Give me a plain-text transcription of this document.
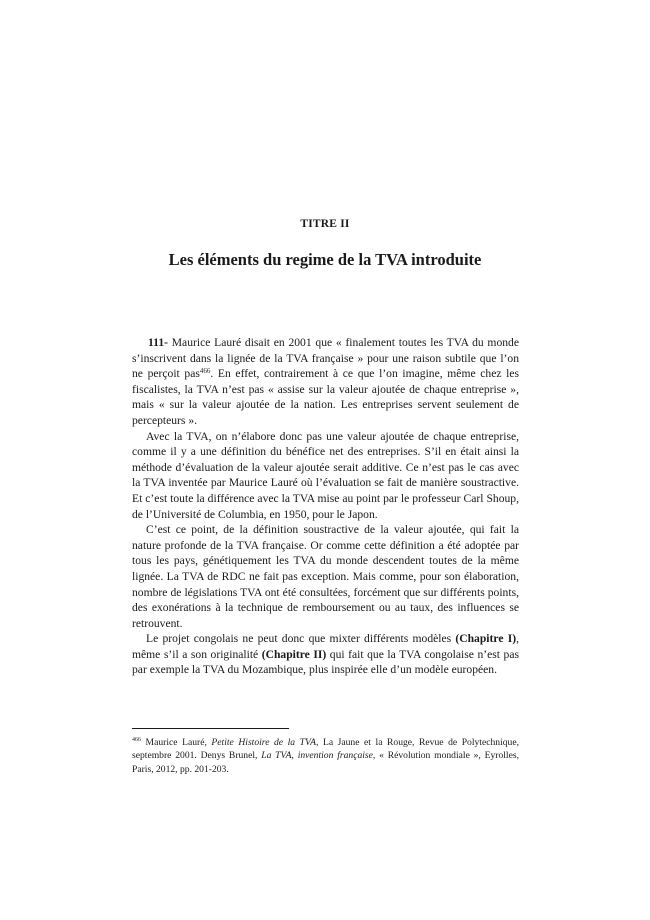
TITRE II
Les éléments du regime de la TVA introduite

111- Maurice Lauré disait en 2001 que « finalement toutes les TVA du monde s’inscrivent dans la lignée de la TVA française » pour une raison subtile que l’on ne perçoit pas$^{466}$. En effet, contrairement à ce que l’on imagine, même chez les fiscalistes, la TVA n’est pas « assise sur la valeur ajoutée de chaque entreprise », mais « sur la valeur ajoutée de la nation. Les entreprises servent seulement de percepteurs ».

Avec la TVA, on n’élabore donc pas une valeur ajoutée de chaque entreprise, comme il y a une définition du bénéfice net des entreprises. S’il en était ainsi la méthode d’évaluation de la valeur ajoutée serait additive. Ce n’est pas le cas avec la TVA inventée par Maurice Lauré où l’évaluation se fait de manière soustractive. Et c’est toute la différence avec la TVA mise au point par le professeur Carl Shoup, de l’Université de Columbia, en 1950, pour le Japon.

C’est ce point, de la définition soustractive de la valeur ajoutée, qui fait la nature profonde de la TVA française. Or comme cette définition a été adoptée par tous les pays, génétiquement les TVA du monde descendent toutes de la même lignée. La TVA de RDC ne fait pas exception. Mais comme, pour son élaboration, nombre de législations TVA ont été consultées, forcément que sur différents points, des exonérations à la technique de remboursement ou au taux, des influences se retrouvent.

Le projet congolais ne peut donc que mixter différents modèles (Chapitre I), même s’il a son originalité (Chapitre II) qui fait que la TVA congolaise n’est pas par exemple la TVA du Mozambique, plus inspirée elle d’un modèle européen.

$^{466}$ Maurice Lauré, Petite Histoire de la TVA, La Jaune et la Rouge, Revue de Polytechnique, septembre 2001. Denys Brunel, La TVA, invention française, « Révolution mondiale », Eyrolles, Paris, 2012, pp. 201-203.
